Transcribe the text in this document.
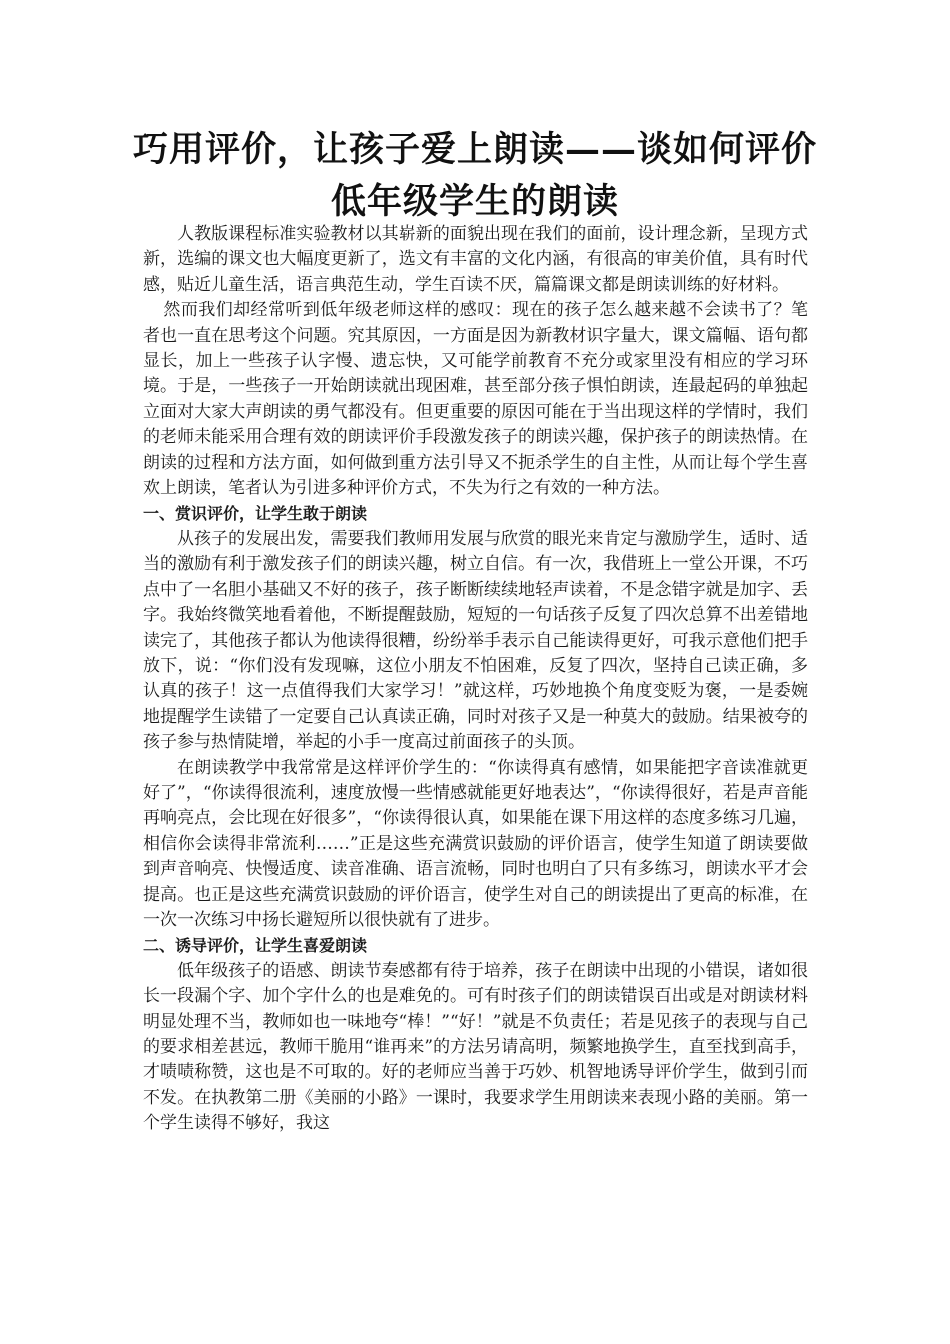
巧用评价，让孩子爱上朗读——谈如何评价低年级学生的朗读

人教版课程标准实验教材以其崭新的面貌出现在我们的面前，设计理念新，呈现方式新，选编的课文也大幅度更新了，选文有丰富的文化内涵，有很高的审美价值，具有时代感，贴近儿童生活，语言典范生动，学生百读不厌，篇篇课文都是朗读训练的好材料。

然而我们却经常听到低年级老师这样的感叹：现在的孩子怎么越来越不会读书了？笔者也一直在思考这个问题。究其原因，一方面是因为新教材识字量大，课文篇幅、语句都显长，加上一些孩子认字慢、遗忘快，又可能学前教育不充分或家里没有相应的学习环境。于是，一些孩子一开始朗读就出现困难，甚至部分孩子惧怕朗读，连最起码的单独起立面对大家大声朗读的勇气都没有。但更重要的原因可能在于当出现这样的学情时，我们的老师未能采用合理有效的朗读评价手段激发孩子的朗读兴趣，保护孩子的朗读热情。在朗读的过程和方法方面，如何做到重方法引导又不扼杀学生的自主性，从而让每个学生喜欢上朗读，笔者认为引进多种评价方式，不失为行之有效的一种方法。

一、赏识评价，让学生敢于朗读

从孩子的发展出发，需要我们教师用发展与欣赏的眼光来肯定与激励学生，适时、适当的激励有利于激发孩子们的朗读兴趣，树立自信。有一次，我借班上一堂公开课，不巧点中了一名胆小基础又不好的孩子，孩子断断续续地轻声读着，不是念错字就是加字、丢字。我始终微笑地看着他，不断提醒鼓励，短短的一句话孩子反复了四次总算不出差错地读完了，其他孩子都认为他读得很糟，纷纷举手表示自己能读得更好，可我示意他们把手放下，说：“你们没有发现嘛，这位小朋友不怕困难，反复了四次，坚持自己读正确，多认真的孩子！这一点值得我们大家学习！”就这样，巧妙地换个角度变贬为褒，一是委婉地提醒学生读错了一定要自己认真读正确，同时对孩子又是一种莫大的鼓励。结果被夸的孩子参与热情陡增，举起的小手一度高过前面孩子的头顶。

在朗读教学中我常常是这样评价学生的：“你读得真有感情，如果能把字音读准就更好了”，“你读得很流利，速度放慢一些情感就能更好地表达”，“你读得很好，若是声音能再响亮点，会比现在好很多”，“你读得很认真，如果能在课下用这样的态度多练习几遍，相信你会读得非常流利……”正是这些充满赏识鼓励的评价语言，使学生知道了朗读要做到声音响亮、快慢适度、读音准确、语言流畅，同时也明白了只有多练习，朗读水平才会提高。也正是这些充满赏识鼓励的评价语言，使学生对自己的朗读提出了更高的标准，在一次一次练习中扬长避短所以很快就有了进步。

二、诱导评价，让学生喜爱朗读

低年级孩子的语感、朗读节奏感都有待于培养，孩子在朗读中出现的小错误，诸如很长一段漏个字、加个字什么的也是难免的。可有时孩子们的朗读错误百出或是对朗读材料明显处理不当，教师如也一味地夸“棒！”“好！”就是不负责任；若是见孩子的表现与自己的要求相差甚远，教师干脆用“谁再来”的方法另请高明，频繁地换学生，直至找到高手，才啧啧称赞，这也是不可取的。好的老师应当善于巧妙、机智地诱导评价学生，做到引而不发。在执教第二册《美丽的小路》一课时，我要求学生用朗读来表现小路的美丽。第一个学生读得不够好，我这
